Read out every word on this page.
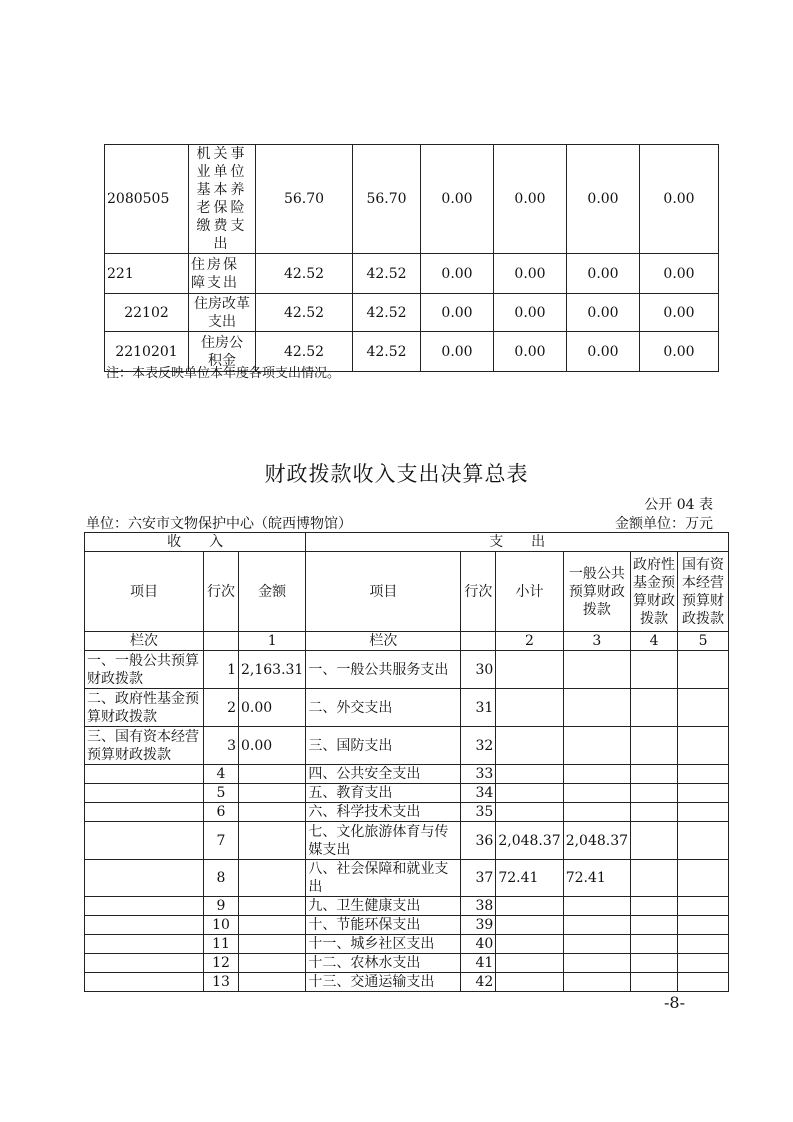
2080505	机关事业单位基本养老保险缴费支出	56.70	56.70	0.00	0.00	0.00	0.00
221	住房保障支出	42.52	42.52	0.00	0.00	0.00	0.00
22102	住房改革支出	42.52	42.52	0.00	0.00	0.00	0.00
2210201	住房公积金	42.52	42.52	0.00	0.00	0.00	0.00
注：本表反映单位本年度各项支出情况。
财政拨款收入支出决算总表
公开 04 表
单位：六安市文物保护中心（皖西博物馆）	金额单位：万元
收　　入			支　　出					
项目	行次	金额	项目	行次	小计	一般公共预算财政拨款	政府性基金预算财政拨款	国有资本经营预算财政拨款
栏次		1	栏次		2	3	4	5
一、一般公共预算财政拨款	1	2,163.31	一、一般公共服务支出	30				
二、政府性基金预算财政拨款	2	0.00	二、外交支出	31				
三、国有资本经营预算财政拨款	3	0.00	三、国防支出	32				
	4		四、公共安全支出	33				
	5		五、教育支出	34				
	6		六、科学技术支出	35				
	7		七、文化旅游体育与传媒支出	36	2,048.37	2,048.37		
	8		八、社会保障和就业支出	37	72.41	72.41		
	9		九、卫生健康支出	38				
	10		十、节能环保支出	39				
	11		十一、城乡社区支出	40				
	12		十二、农林水支出	41				
	13		十三、交通运输支出	42				
-8-
